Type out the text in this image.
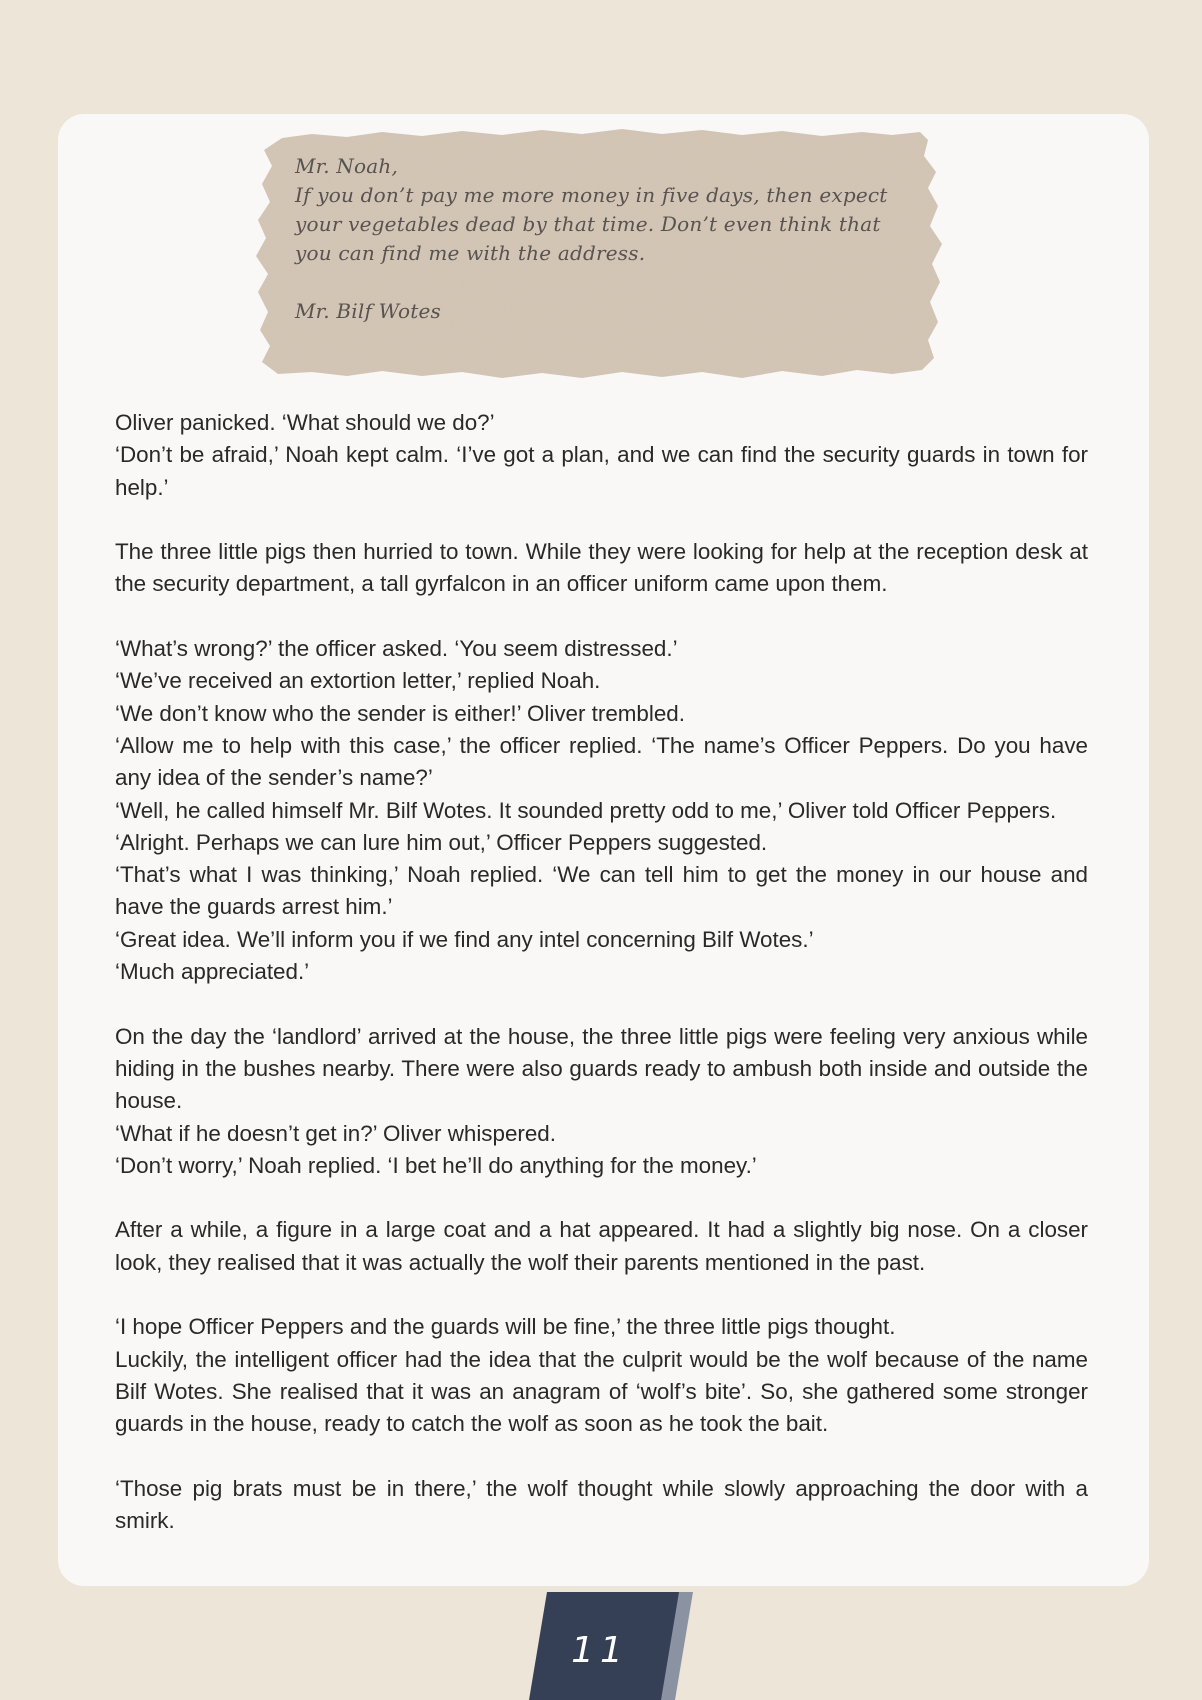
Mr. Noah,
If you don’t pay me more money in five days, then expect
your vegetables dead by that time. Don’t even think that
you can find me with the address.
Mr. Bilf Wotes

Oliver panicked. ‘What should we do?’

‘Don’t be afraid,’ Noah kept calm. ‘I’ve got a plan, and we can find the security guards in town for help.’

The three little pigs then hurried to town. While they were looking for help at the reception desk at the security department, a tall gyrfalcon in an officer uniform came upon them.

‘What’s wrong?’ the officer asked. ‘You seem distressed.’

‘We’ve received an extortion letter,’ replied Noah.

‘We don’t know who the sender is either!’ Oliver trembled.

‘Allow me to help with this case,’ the officer replied. ‘The name’s Officer Peppers. Do you have any idea of the sender’s name?’

‘Well, he called himself Mr. Bilf Wotes. It sounded pretty odd to me,’ Oliver told Officer Peppers.

‘Alright. Perhaps we can lure him out,’ Officer Peppers suggested.

‘That’s what I was thinking,’ Noah replied. ‘We can tell him to get the money in our house and have the guards arrest him.’

‘Great idea. We’ll inform you if we find any intel concerning Bilf Wotes.’

‘Much appreciated.’

On the day the ‘landlord’ arrived at the house, the three little pigs were feeling very anxious while hiding in the bushes nearby. There were also guards ready to ambush both inside and outside the house.

‘What if he doesn’t get in?’ Oliver whispered.

‘Don’t worry,’ Noah replied. ‘I bet he’ll do anything for the money.’

After a while, a figure in a large coat and a hat appeared. It had a slightly big nose. On a closer look, they realised that it was actually the wolf their parents mentioned in the past.

‘I hope Officer Peppers and the guards will be fine,’ the three little pigs thought.

Luckily, the intelligent officer had the idea that the culprit would be the wolf because of the name Bilf Wotes. She realised that it was an anagram of ‘wolf’s bite’. So, she gathered some stronger guards in the house, ready to catch the wolf as soon as he took the bait.

‘Those pig brats must be in there,’ the wolf thought while slowly approaching the door with a smirk.

11
